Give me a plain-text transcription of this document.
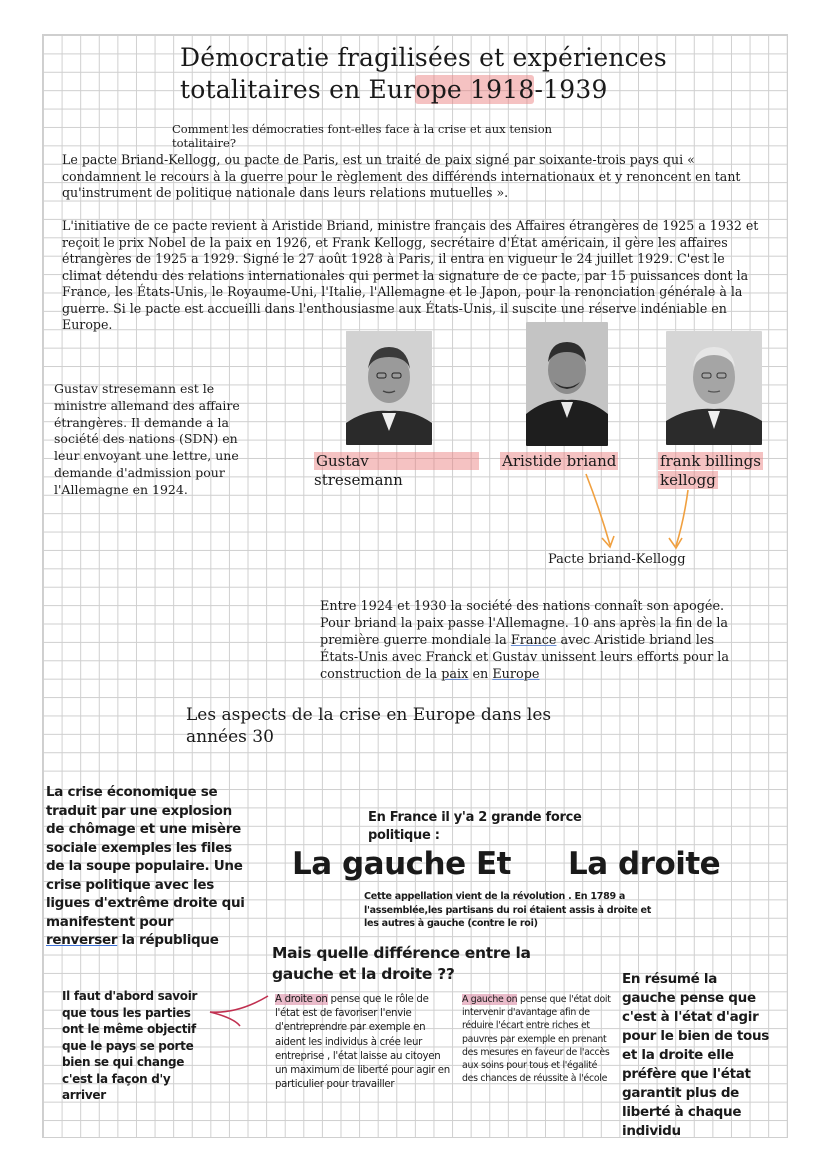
Démocratie fragilisées et expériences
totalitaires en Europe 1918-1939
Comment les démocraties font-elles face à la crise et aux tension totalitaire?
Le pacte Briand-Kellogg, ou pacte de Paris, est un traité de paix signé par soixante-trois pays qui « condamnent le recours à la guerre pour le règlement des différends internationaux et y renoncent en tant qu'instrument de politique nationale dans leurs relations mutuelles ».
L'initiative de ce pacte revient à Aristide Briand, ministre français des Affaires étrangères de 1925 a 1932 et reçoit le prix Nobel de la paix en 1926, et Frank Kellogg, secrétaire d'État américain, il gère les affaires étrangères de 1925 a 1929. Signé le 27 août 1928 à Paris, il entra en vigueur le 24 juillet 1929. C'est le climat détendu des relations internationales qui permet la signature de ce pacte, par 15 puissances dont la France, les États-Unis, le Royaume-Uni, l'Italie, l'Allemagne et le Japon, pour la renonciation générale à la guerre. Si le pacte est accueilli dans l'enthousiasme aux États-Unis, il suscite une réserve indéniable en Europe.
Gustav stresemann est le ministre allemand des affaire étrangères. Il demande a la société des nations (SDN) en leur envoyant une lettre, une demande d'admission pour l'Allemagne en 1924.
Gustav
stresemann
Aristide briand	frank billings
kellogg
Pacte briand-Kellogg
Entre 1924 et 1930 la société des nations connaît son apogée. Pour briand la paix passe l'Allemagne. 10 ans après la fin de la première guerre mondiale la France avec Aristide briand les États-Unis avec Franck et Gustav unissent leurs efforts pour la construction de la paix en Europe
Les aspects de la crise en Europe dans les années 30
La crise économique se traduit par une explosion de chômage et une misère sociale exemples les files de la soupe populaire. Une crise politique avec les ligues d'extrême droite qui manifestent pour renverser la république
En France il y'a 2 grande force politique :
La gauche Et La droite
Cette appellation vient de la révolution . En 1789 a l'assemblée,les partisans du roi étaient assis à droite et les autres à gauche (contre le roi)
Mais quelle différence entre la gauche et la droite ??
Il faut d'abord savoir que tous les parties ont le même objectif que le pays se porte bien se qui change c'est la façon d'y arriver
A droite on pense que le rôle de l'état est de favoriser l'envie d'entreprendre par exemple en aident les individus à crée leur entreprise , l'état laisse au citoyen un maximum de liberté pour agir en particulier pour travailler
A gauche on pense que l'état doit intervenir d'avantage afin de réduire l'écart entre riches et pauvres par exemple en prenant des mesures en faveur de l'accès aux soins pour tous et l'égalité des chances de réussite à l'école
En résumé la gauche pense que c'est à l'état d'agir pour le bien de tous et la droite elle préfère que l'état garantit plus de liberté à chaque individu
